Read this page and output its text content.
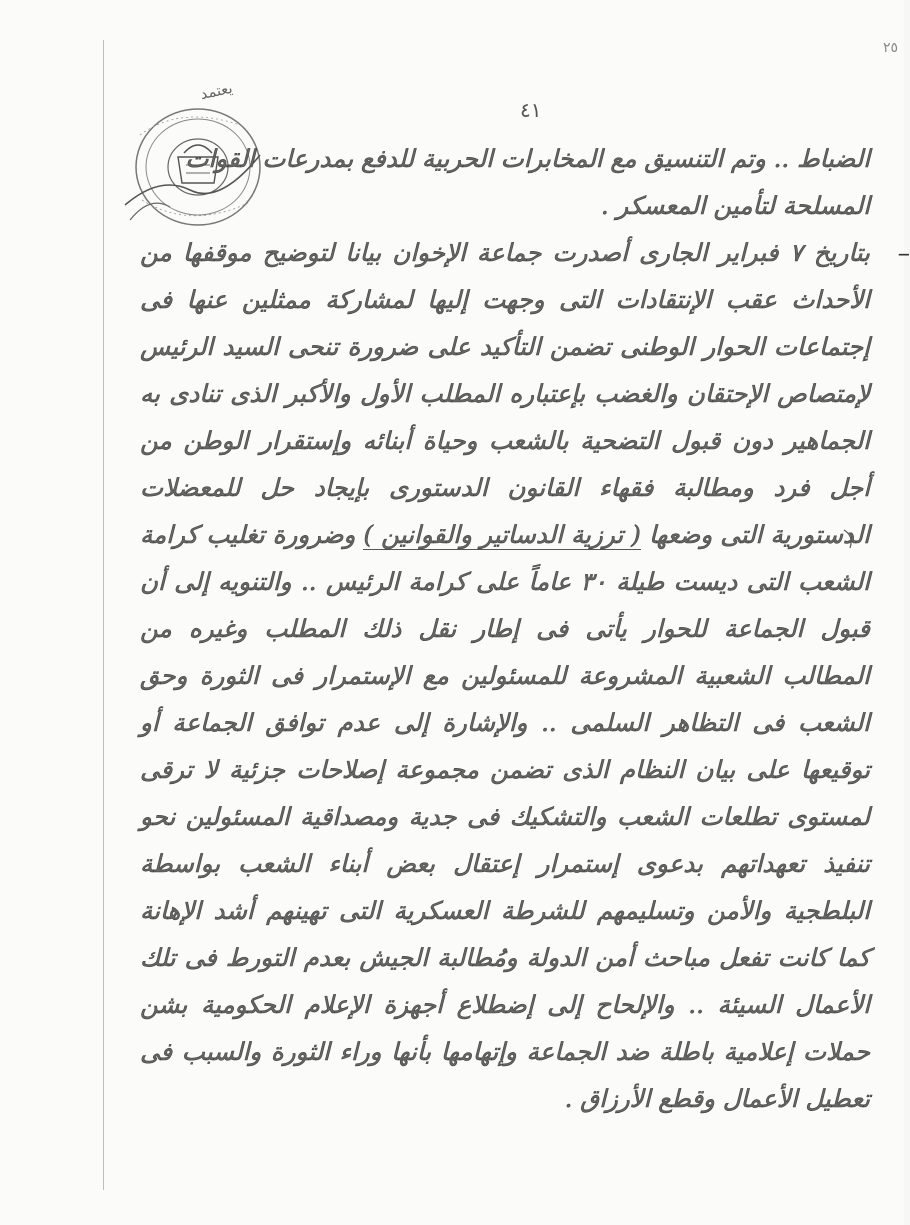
٢٥
٤١
يعتمد

الضباط .. وتم التنسيق مع المخابرات الحربية للدفع بمدرعات القوات
المسلحة لتأمين المعسكر .

–
بتاريخ ٧ فبراير الجارى أصدرت جماعة الإخوان بيانا لتوضيح موقفها من الأحداث عقب الإنتقادات التى وجهت إليها لمشاركة ممثلين عنها فى إجتماعات الحوار الوطنى تضمن التأكيد على ضرورة تنحى السيد الرئيس لإمتصاص الإحتقان والغضب بإعتباره المطلب الأول والأكبر الذى تنادى به الجماهير دون قبول التضحية بالشعب وحياة أبنائه وإستقرار الوطن من أجل فرد ومطالبة فقهاء القانون الدستورى بإيجاد حل للمعضلات الدستورية التى وضعها ( ترزية الدساتير والقوانين ) وضرورة تغليب كرامة الشعب التى ديست طيلة ٣٠ عاماً على كرامة الرئيس .. والتنويه إلى أن قبول الجماعة للحوار يأتى فى إطار نقل ذلك المطلب وغيره من المطالب الشعبية المشروعة للمسئولين مع الإستمرار فى الثورة وحق الشعب فى التظاهر السلمى .. والإشارة إلى عدم توافق الجماعة أو توقيعها على بيان النظام الذى تضمن مجموعة إصلاحات جزئية لا ترقى لمستوى تطلعات الشعب والتشكيك فى جدية ومصداقية المسئولين نحو تنفيذ تعهداتهم بدعوى إستمرار إعتقال بعض أبناء الشعب بواسطة البلطجية والأمن وتسليمهم للشرطة العسكرية التى تهينهم أشد الإهانة كما كانت تفعل مباحث أمن الدولة ومُطالبة الجيش بعدم التورط فى تلك الأعمال السيئة .. والإلحاح إلى إضطلاع أجهزة الإعلام الحكومية بشن حملات إعلامية باطلة ضد الجماعة وإتهامها بأنها وراء الثورة والسبب فى تعطيل الأعمال وقطع الأرزاق .
